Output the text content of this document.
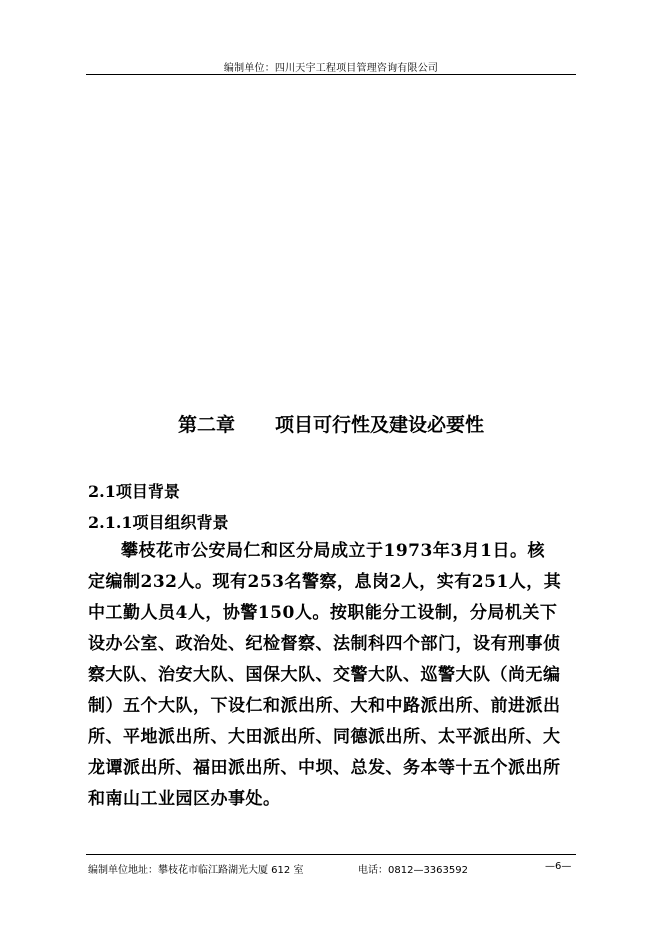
编制单位：四川天宇工程项目管理咨询有限公司
第二章 项目可行性及建设必要性
2.1项目背景
2.1.1项目组织背景
攀枝花市公安局仁和区分局成立于1973年3月1日。核
定编制232人。现有253名警察，息岗2人，实有251人，其
中工勤人员4人，协警150人。按职能分工设制，分局机关下
设办公室、政治处、纪检督察、法制科四个部门，设有刑事侦
察大队、治安大队、国保大队、交警大队、巡警大队（尚无编
制）五个大队，下设仁和派出所、大和中路派出所、前进派出
所、平地派出所、大田派出所、同德派出所、太平派出所、大
龙谭派出所、福田派出所、中坝、总发、务本等十五个派出所
和南山工业园区办事处。
编制单位地址：攀枝花市临江路湖光大厦 612 室	电话：0812—3363592	—6—
